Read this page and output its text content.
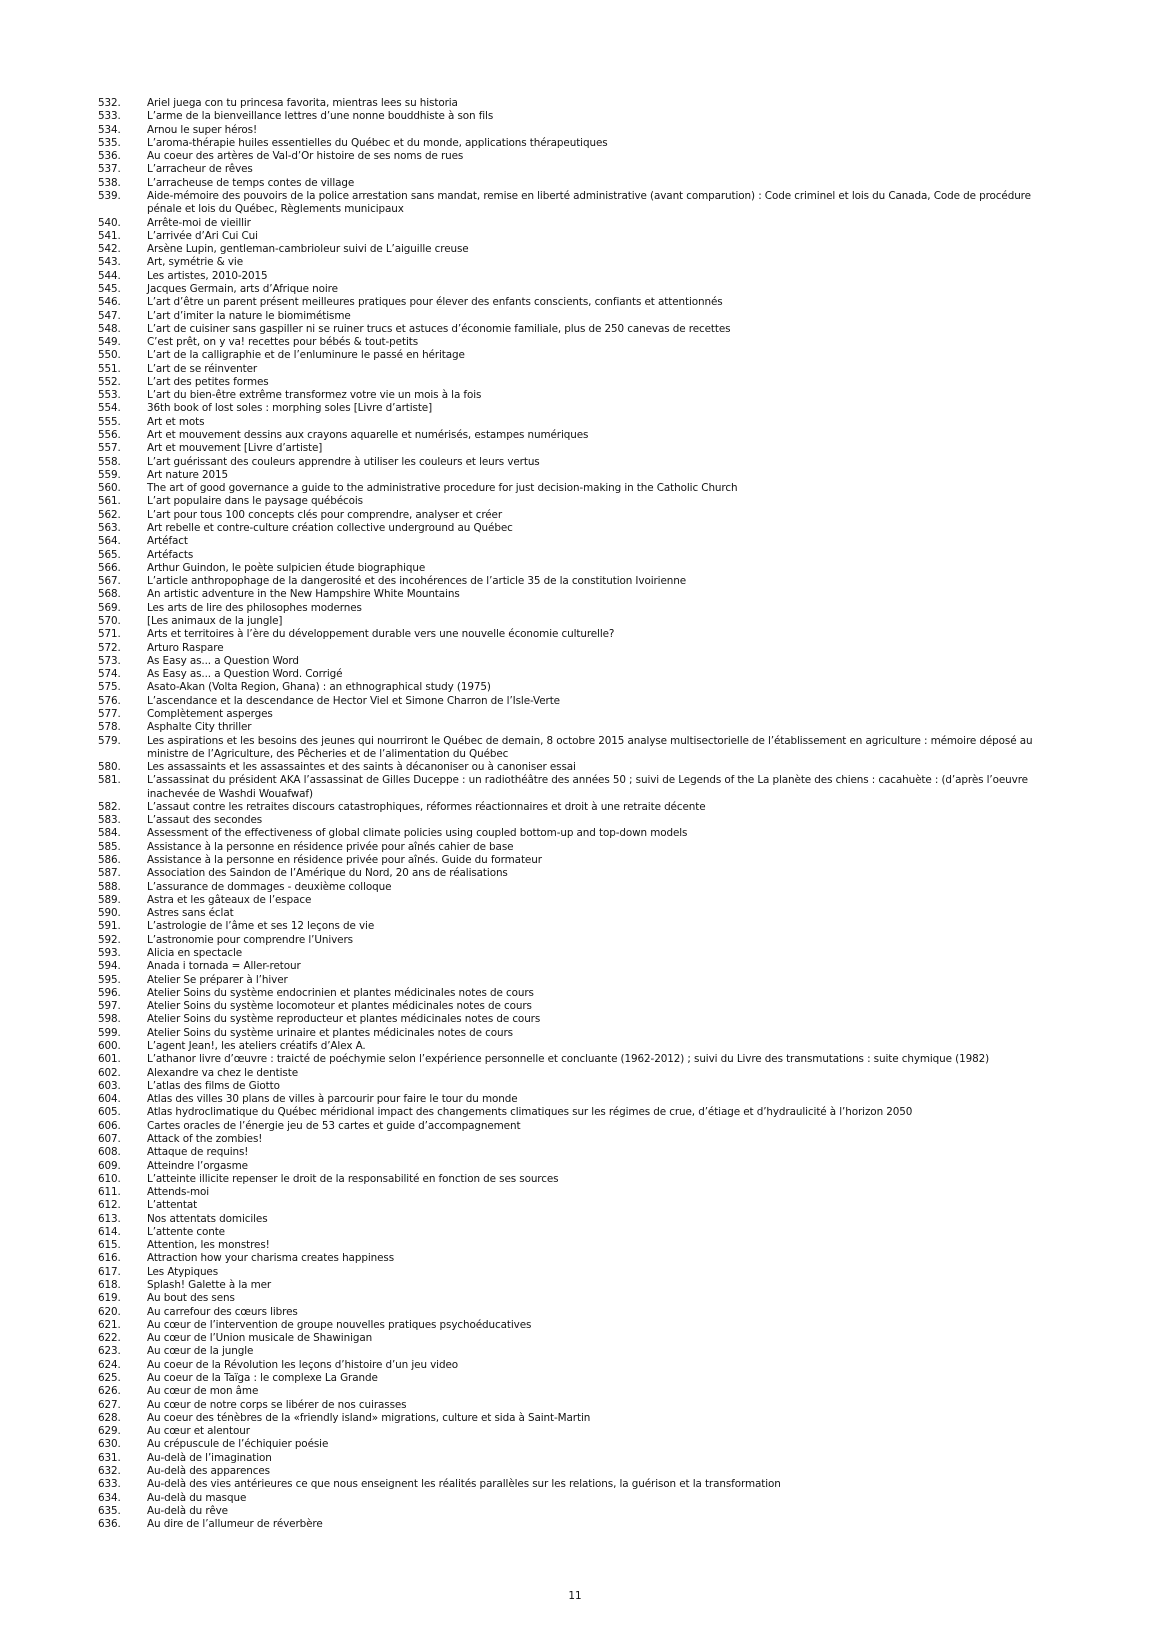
532.	Ariel juega con tu princesa favorita, mientras lees su historia
533.	L’arme de la bienveillance lettres d’une nonne bouddhiste à son fils
534.	Arnou le super héros!
535.	L’aroma-thérapie huiles essentielles du Québec et du monde, applications thérapeutiques
536.	Au coeur des artères de Val-d’Or histoire de ses noms de rues
537.	L’arracheur de rêves
538.	L’arracheuse de temps contes de village
539.	Aide-mémoire des pouvoirs de la police arrestation sans mandat, remise en liberté administrative (avant comparution) : Code criminel et lois du Canada, Code de procédure pénale et lois du Québec, Règlements municipaux
540.	Arrête-moi de vieillir
541.	L’arrivée d’Ari Cui Cui
542.	Arsène Lupin, gentleman-cambrioleur suivi de L’aiguille creuse
543.	Art, symétrie & vie
544.	Les artistes, 2010-2015
545.	Jacques Germain, arts d’Afrique noire
546.	L’art d’être un parent présent meilleures pratiques pour élever des enfants conscients, confiants et attentionnés
547.	L’art d’imiter la nature le biomimétisme
548.	L’art de cuisiner sans gaspiller ni se ruiner trucs et astuces d’économie familiale, plus de 250 canevas de recettes
549.	C’est prêt, on y va! recettes pour bébés & tout-petits
550.	L’art de la calligraphie et de l’enluminure le passé en héritage
551.	L’art de se réinventer
552.	L’art des petites formes
553.	L’art du bien-être extrême transformez votre vie un mois à la fois
554.	36th book of lost soles : morphing soles [Livre d’artiste]
555.	Art et mots
556.	Art et mouvement dessins aux crayons aquarelle et numérisés, estampes numériques
557.	Art et mouvement [Livre d’artiste]
558.	L’art guérissant des couleurs apprendre à utiliser les couleurs et leurs vertus
559.	Art nature 2015
560.	The art of good governance a guide to the administrative procedure for just decision-making in the Catholic Church
561.	L’art populaire dans le paysage québécois
562.	L’art pour tous 100 concepts clés pour comprendre, analyser et créer
563.	Art rebelle et contre-culture création collective underground au Québec
564.	Artéfact
565.	Artéfacts
566.	Arthur Guindon, le poète sulpicien étude biographique
567.	L’article anthropophage de la dangerosité et des incohérences de l’article 35 de la constitution Ivoirienne
568.	An artistic adventure in the New Hampshire White Mountains
569.	Les arts de lire des philosophes modernes
570.	[Les animaux de la jungle]
571.	Arts et territoires à l’ère du développement durable vers une nouvelle économie culturelle?
572.	Arturo Raspare
573.	As Easy as... a Question Word
574.	As Easy as... a Question Word. Corrigé
575.	Asato-Akan (Volta Region, Ghana) : an ethnographical study (1975)
576.	L’ascendance et la descendance de Hector Viel et Simone Charron de l’Isle-Verte
577.	Complètement asperges
578.	Asphalte City thriller
579.	Les aspirations et les besoins des jeunes qui nourriront le Québec de demain, 8 octobre 2015 analyse multisectorielle de l’établissement en agriculture : mémoire déposé au ministre de l’Agriculture, des Pêcheries et de l’alimentation du Québec
580.	Les assassaints et les assassaintes et des saints à décanoniser ou à canoniser essai
581.	L’assassinat du président AKA l’assassinat de Gilles Duceppe : un radiothéâtre des années 50 ; suivi de Legends of the La planète des chiens : cacahuète : (d’après l’oeuvre inachevée de Washdi Wouafwaf)
582.	L’assaut contre les retraites discours catastrophiques, réformes réactionnaires et droit à une retraite décente
583.	L’assaut des secondes
584.	Assessment of the effectiveness of global climate policies using coupled bottom-up and top-down models
585.	Assistance à la personne en résidence privée pour aînés cahier de base
586.	Assistance à la personne en résidence privée pour aînés. Guide du formateur
587.	Association des Saindon de l’Amérique du Nord, 20 ans de réalisations
588.	L’assurance de dommages - deuxième colloque
589.	Astra et les gâteaux de l’espace
590.	Astres sans éclat
591.	L’astrologie de l’âme et ses 12 leçons de vie
592.	L’astronomie pour comprendre l’Univers
593.	Alicia en spectacle
594.	Anada i tornada = Aller-retour
595.	Atelier Se préparer à l’hiver
596.	Atelier Soins du système endocrinien et plantes médicinales notes de cours
597.	Atelier Soins du système locomoteur et plantes médicinales notes de cours
598.	Atelier Soins du système reproducteur et plantes médicinales notes de cours
599.	Atelier Soins du système urinaire et plantes médicinales notes de cours
600.	L’agent Jean!, les ateliers créatifs d’Alex A.
601.	L’athanor livre d’œuvre : traicté de poéchymie selon l’expérience personnelle et concluante (1962-2012) ; suivi du Livre des transmutations : suite chymique (1982)
602.	Alexandre va chez le dentiste
603.	L’atlas des films de Giotto
604.	Atlas des villes 30 plans de villes à parcourir pour faire le tour du monde
605.	Atlas hydroclimatique du Québec méridional impact des changements climatiques sur les régimes de crue, d’étiage et d’hydraulicité à l’horizon 2050
606.	Cartes oracles de l’énergie jeu de 53 cartes et guide d’accompagnement
607.	Attack of the zombies!
608.	Attaque de requins!
609.	Atteindre l’orgasme
610.	L’atteinte illicite repenser le droit de la responsabilité en fonction de ses sources
611.	Attends-moi
612.	L’attentat
613.	Nos attentats domiciles
614.	L’attente conte
615.	Attention, les monstres!
616.	Attraction how your charisma creates happiness
617.	Les Atypiques
618.	Splash! Galette à la mer
619.	Au bout des sens
620.	Au carrefour des cœurs libres
621.	Au cœur de l’intervention de groupe nouvelles pratiques psychoéducatives
622.	Au cœur de l’Union musicale de Shawinigan
623.	Au cœur de la jungle
624.	Au coeur de la Révolution les leçons d’histoire d’un jeu video
625.	Au coeur de la Taïga : le complexe La Grande
626.	Au cœur de mon âme
627.	Au cœur de notre corps se libérer de nos cuirasses
628.	Au coeur des ténèbres de la «friendly island» migrations, culture et sida à Saint-Martin
629.	Au cœur et alentour
630.	Au crépuscule de l’échiquier poésie
631.	Au-delà de l’imagination
632.	Au-delà des apparences
633.	Au-delà des vies antérieures ce que nous enseignent les réalités parallèles sur les relations, la guérison et la transformation
634.	Au-delà du masque
635.	Au-delà du rêve
636.	Au dire de l’allumeur de réverbère
11
